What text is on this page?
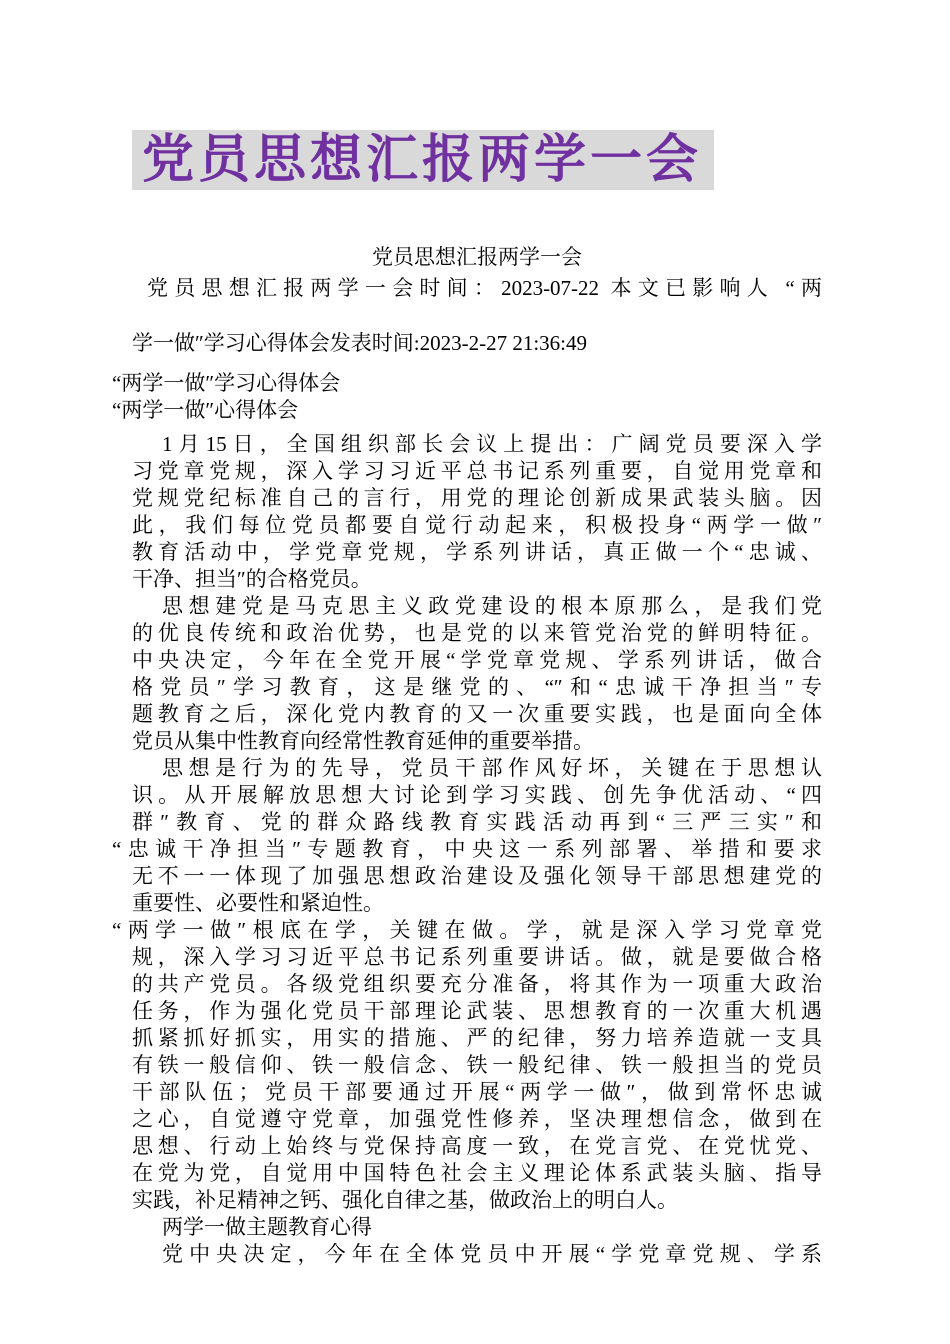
党员思想汇报两学一会
党员思想汇报两学一会
党员思想汇报两学一会时间：2023-07-22 本文已影响人 “两
学一做″学习心得体会发表时间:2023-2-27 21:36:49
“两学一做″学习心得体会
“两学一做″心得体会
1月15日，全国组织部长会议上提出：广阔党员要深入学
习党章党规，深入学习习近平总书记系列重要，自觉用党章和
党规党纪标准自己的言行，用党的理论创新成果武装头脑。因
此，我们每位党员都要自觉行动起来，积极投身“两学一做″
教育活动中，学党章党规，学系列讲话，真正做一个“忠诚、
干净、担当″的合格党员。
思想建党是马克思主义政党建设的根本原那么，是我们党
的优良传统和政治优势，也是党的以来管党治党的鲜明特征。
中央决定，今年在全党开展“学党章党规、学系列讲话，做合
格党员″学习教育，这是继党的、“″和“忠诚干净担当″专
题教育之后，深化党内教育的又一次重要实践，也是面向全体
党员从集中性教育向经常性教育延伸的重要举措。
思想是行为的先导，党员干部作风好坏，关键在于思想认
识。从开展解放思想大讨论到学习实践、创先争优活动、“四
群″教育、党的群众路线教育实践活动再到“三严三实″和
“忠诚干净担当″专题教育，中央这一系列部署、举措和要求
无不一一体现了加强思想政治建设及强化领导干部思想建党的
重要性、必要性和紧迫性。
“两学一做″根底在学，关键在做。学，就是深入学习党章党
规，深入学习习近平总书记系列重要讲话。做，就是要做合格
的共产党员。各级党组织要充分准备，将其作为一项重大政治
任务，作为强化党员干部理论武装、思想教育的一次重大机遇
抓紧抓好抓实，用实的措施、严的纪律，努力培养造就一支具
有铁一般信仰、铁一般信念、铁一般纪律、铁一般担当的党员
干部队伍；党员干部要通过开展“两学一做″，做到常怀忠诚
之心，自觉遵守党章，加强党性修养，坚决理想信念，做到在
思想、行动上始终与党保持高度一致，在党言党、在党忧党、
在党为党，自觉用中国特色社会主义理论体系武装头脑、指导
实践，补足精神之钙、强化自律之基，做政治上的明白人。
两学一做主题教育心得
党中央决定，今年在全体党员中开展“学党章党规、学系
